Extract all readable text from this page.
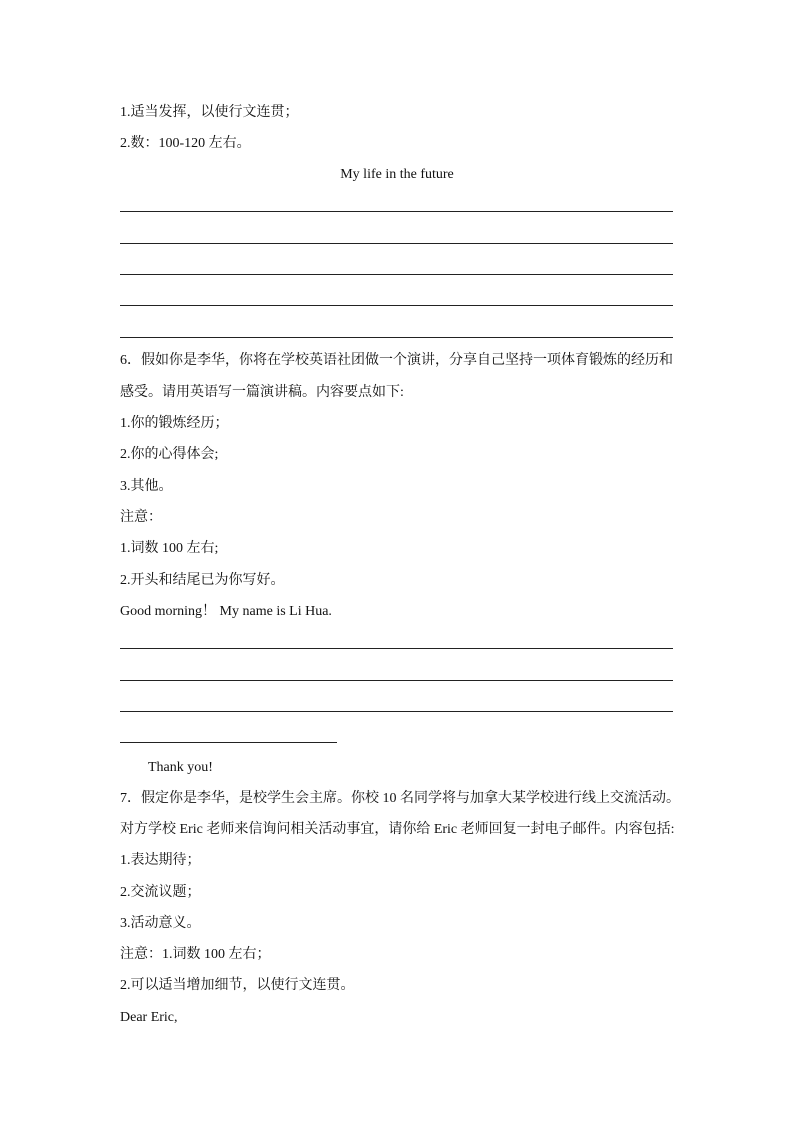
1.适当发挥，以使行文连贯；
2.数：100-120 左右。
My life in the future
6．假如你是李华，你将在学校英语社团做一个演讲，分享自己坚持一项体育锻炼的经历和
感受。请用英语写一篇演讲稿。内容要点如下:
1.你的锻炼经历；
2.你的心得体会;
3.其他。
注意：
1.词数 100 左右;
2.开头和结尾已为你写好。
Good morning！ My name is Li Hua.
Thank you!
7．假定你是李华，是校学生会主席。你校 10 名同学将与加拿大某学校进行线上交流活动。
对方学校 Eric 老师来信询问相关活动事宜，请你给 Eric 老师回复一封电子邮件。内容包括:
1.表达期待；
2.交流议题；
3.活动意义。
注意：1.词数 100 左右；
2.可以适当增加细节，以使行文连贯。
Dear Eric,
